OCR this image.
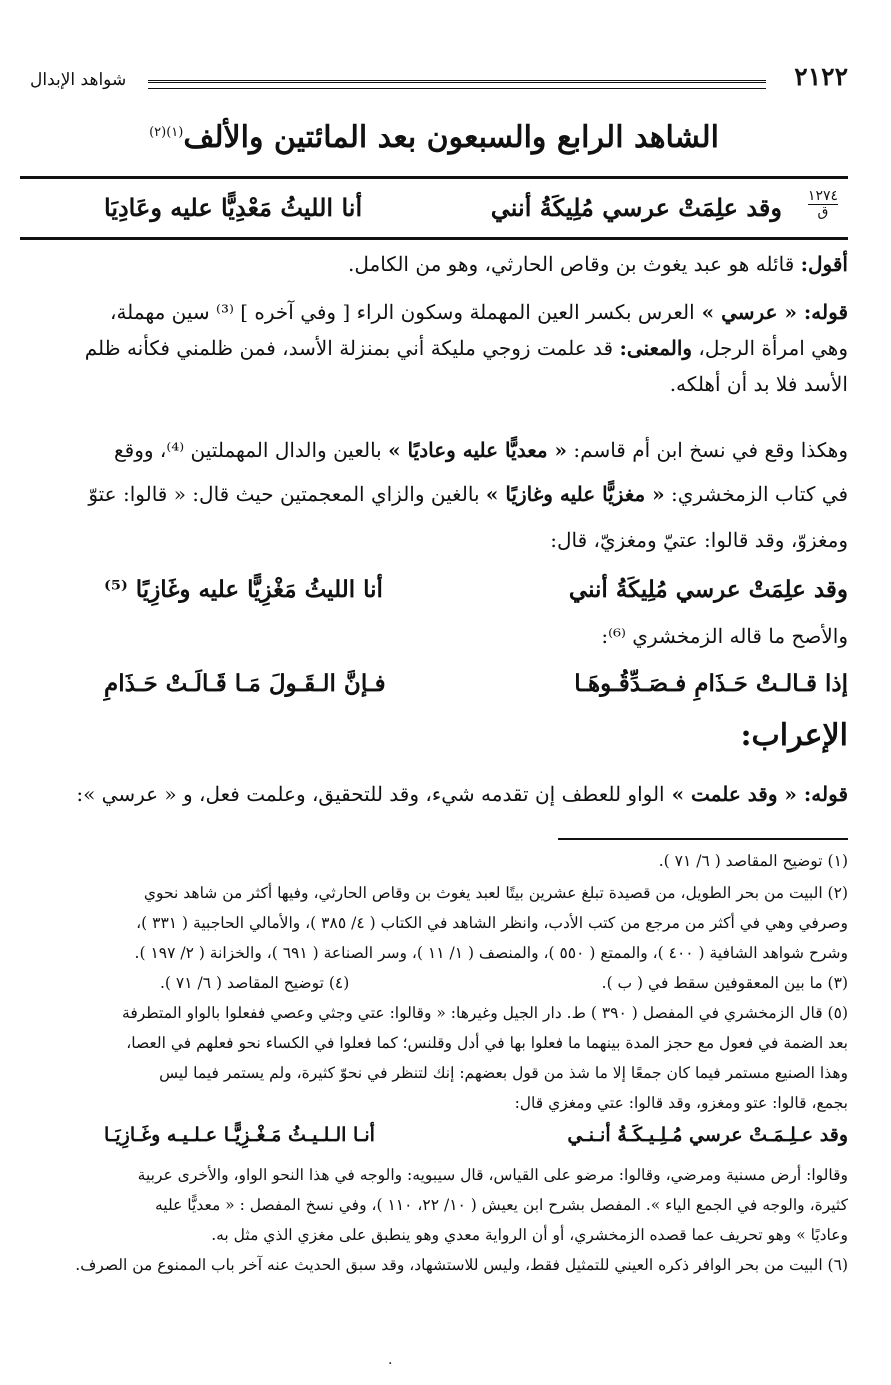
٢١٢٢
شواهد الإبدال
الشاهد الرابع والسبعون بعد المائتين والألف$^{(١)(٢)}$
١٢٧٤
ق
وقد علِمَتْ عرسي مُلِيكَةُ أنني
أنا الليثُ مَعْدِيًّا عليه وعَادِيَا
أقول: قائله هو عبد يغوث بن وقاص الحارثي، وهو من الكامل.
قوله: « عرسي » العرس بكسر العين المهملة وسكون الراء [ وفي آخره ] ⁽³⁾ سين مهملة،
وهي امرأة الرجل، والمعنى: قد علمت زوجي مليكة أني بمنزلة الأسد، فمن ظلمني فكأنه ظلم
الأسد فلا بد أن أهلكه.
وهكذا وقع في نسخ ابن أم قاسم: « معديًّا عليه وعاديًا » بالعين والدال المهملتين ⁽⁴⁾، ووقع
في كتاب الزمخشري: « مغزيًّا عليه وغازيًا » بالغين والزاي المعجمتين حيث قال: « قالوا: عتوّ
ومغزوّ، وقد قالوا: عتيّ ومغزيّ، قال:
وقد علِمَتْ عرسي مُلِيكَةُ أنني
أنا الليثُ مَغْزِيًّا عليه وغَازِيًا ⁽⁵⁾
والأصح ما قاله الزمخشري ⁽⁶⁾:
إذا قـالـتْ حَـذَامِ فـصَـدِّقُـوهَـا
فـإنَّ الـقَـولَ مَـا قَـالَـتْ حَـذَامِ
الإعراب:
قوله: « وقد علمت » الواو للعطف إن تقدمه شيء، وقد للتحقيق، وعلمت فعل، و « عرسي »:
(١) توضيح المقاصد ( ٦/ ٧١ ).
(٢) البيت من بحر الطويل، من قصيدة تبلغ عشرين بيتًا لعبد يغوث بن وقاص الحارثي، وفيها أكثر من شاهد نحوي
وصرفي وهي في أكثر من مرجع من كتب الأدب، وانظر الشاهد في الكتاب ( ٤/ ٣٨٥ )، والأمالي الحاجبية ( ٣٣١ )،
وشرح شواهد الشافية ( ٤٠٠ )، والممتع ( ٥٥٠ )، والمنصف ( ١/ ١١ )، وسر الصناعة ( ٦٩١ )، والخزانة ( ٢/ ١٩٧ ).
(٣) ما بين المعقوفين سقط في ( ب ).
(٤) توضيح المقاصد ( ٦/ ٧١ ).
(٥) قال الزمخشري في المفصل ( ٣٩٠ ) ط. دار الجيل وغيرها: « وقالوا: عتي وجثي وعصي ففعلوا بالواو المتطرفة
بعد الضمة في فعول مع حجز المدة بينهما ما فعلوا بها في أدل وقلنس؛ كما فعلوا في الكساء نحو فعلهم في العصا،
وهذا الصنيع مستمر فيما كان جمعًا إلا ما شذ من قول بعضهم: إنك لتنظر في نحوّ كثيرة، ولم يستمر فيما ليس
بجمع، قالوا: عتو ومغزو، وقد قالوا: عتي ومغزي قال:
وقد عـلِـمَـتْ عرسي مُـلِـيـكَـةُ أنـنـي
أنـا الـلـيـثُ مَـغْـزِيًّـا عـلـيـه وغَـازِيَـا
وقالوا: أرض مسنية ومرضي، وقالوا: مرضو على القياس، قال سيبويه: والوجه في هذا النحو الواو، والأخرى عربية
كثيرة، والوجه في الجمع الياء ». المفصل بشرح ابن يعيش ( ١٠/ ٢٢، ١١٠ )، وفي نسخ المفصل : « معديًّا عليه
وعاديًا » وهو تحريف عما قصده الزمخشري، أو أن الرواية معدي وهو ينطبق على مغزي الذي مثل به.
(٦) البيت من بحر الوافر ذكره العيني للتمثيل فقط، وليس للاستشهاد، وقد سبق الحديث عنه آخر باب الممنوع من الصرف.
.
